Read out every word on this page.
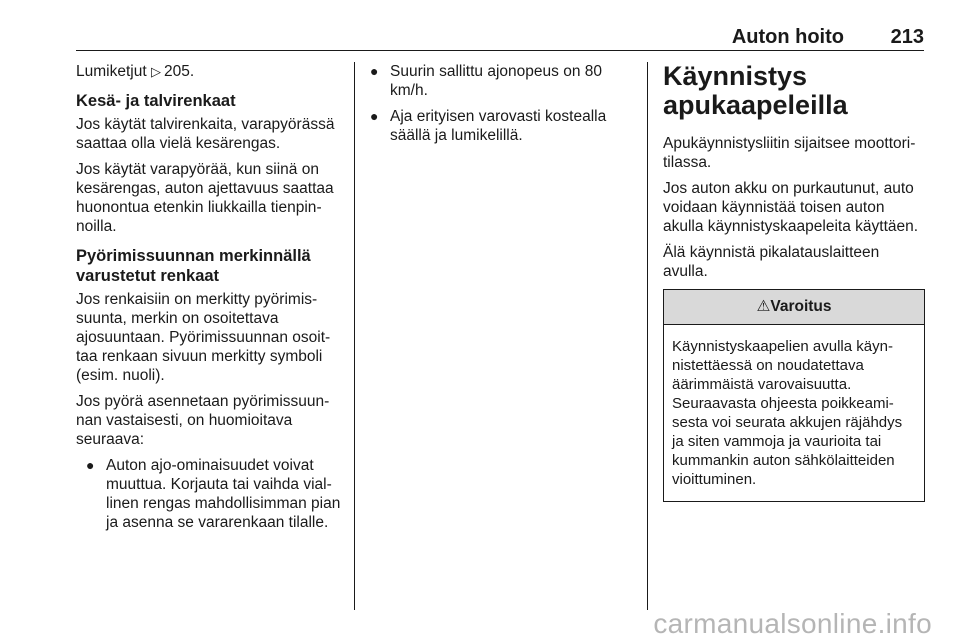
Auton hoito 213

Lumiketjut ▷ 205.

Kesä- ja talvirenkaat

Jos käytät talvirenkaita, varapyörässä saattaa olla vielä kesärengas.

Jos käytät varapyörää, kun siinä on kesärengas, auton ajettavuus saattaa huonontua etenkin liukkailla tienpinnoilla.

Pyörimissuunnan merkinnällä varustetut renkaat

Jos renkaisiin on merkitty pyörimissuunta, merkin on osoitettava ajosuuntaan. Pyörimissuunnan osoittaa renkaan sivuun merkitty symboli (esim. nuoli).

Jos pyörä asennetaan pyörimissuunnan vastaisesti, on huomioitava seuraava:

● Auton ajo-ominaisuudet voivat muuttua. Korjauta tai vaihda viallinen rengas mahdollisimman pian ja asenna se vararenkaan tilalle.
● Suurin sallittu ajonopeus on 80 km/h.
● Aja erityisen varovasti kostealla säällä ja lumikelillä.
Käynnistys apukaapeleilla

Apukäynnistysliitin sijaitsee moottoritilassa.

Jos auton akku on purkautunut, auto voidaan käynnistää toisen auton akulla käynnistyskaapeleita käyttäen.

Älä käynnistä pikalatauslaitteen avulla.

⚠Varoitus
Käynnistyskaapelien avulla käynnistettäessä on noudatettava äärimmäistä varovaisuutta. Seuraavasta ohjeesta poikkeamisesta voi seurata akkujen räjähdys ja siten vammoja ja vaurioita tai kummankin auton sähkölaitteiden vioittuminen.
carmanualsonline.info
